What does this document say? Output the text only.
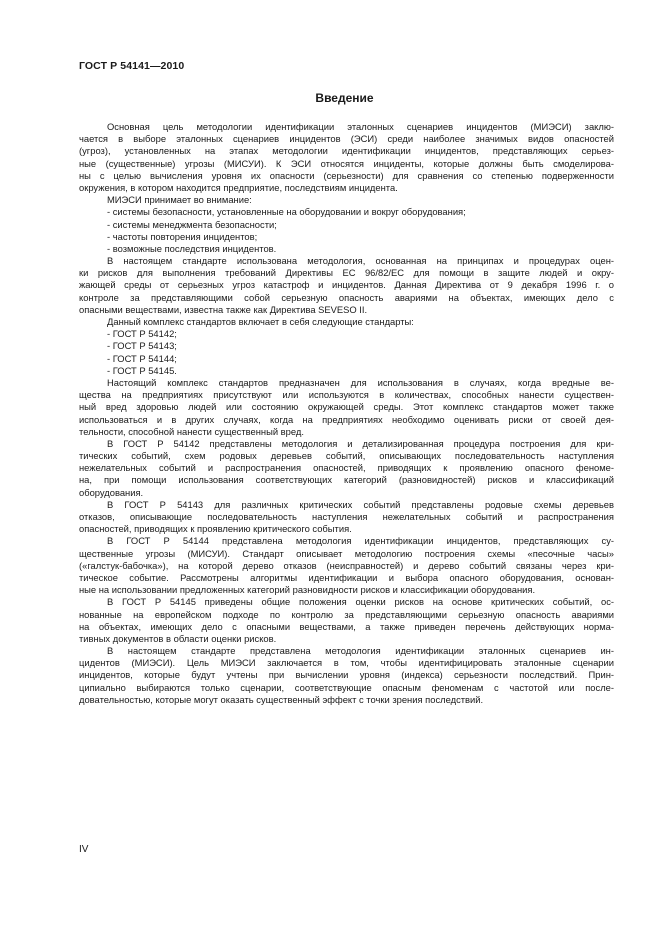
ГОСТ Р 54141—2010
Введение
Основная цель методологии идентификации эталонных сценариев инцидентов (МИЭСИ) заклю-
чается в выборе эталонных сценариев инцидентов (ЭСИ) среди наиболее значимых видов опасностей
(угроз), установленных на этапах методологии идентификации инцидентов, представляющих серьез-
ные (существенные) угрозы (МИСУИ). К ЭСИ относятся инциденты, которые должны быть смоделирова-
ны с целью вычисления уровня их опасности (серьезности) для сравнения со степенью подверженности
окружения, в котором находится предприятие, последствиям инцидента.
МИЭСИ принимает во внимание:
- системы безопасности, установленные на оборудовании и вокруг оборудования;
- системы менеджмента безопасности;
- частоты повторения инцидентов;
- возможные последствия инцидентов.
В настоящем стандарте использована методология, основанная на принципах и процедурах оцен-
ки рисков для выполнения требований Директивы ЕС 96/82/ЕС для помощи в защите людей и окру-
жающей среды от серьезных угроз катастроф и инцидентов. Данная Директива от 9 декабря 1996 г. о
контроле за представляющими собой серьезную опасность авариями на объектах, имеющих дело с
опасными веществами, известна также как Директива SEVESO II.
Данный комплекс стандартов включает в себя следующие стандарты:
- ГОСТ Р 54142;
- ГОСТ Р 54143;
- ГОСТ Р 54144;
- ГОСТ Р 54145.
Настоящий комплекс стандартов предназначен для использования в случаях, когда вредные ве-
щества на предприятиях присутствуют или используются в количествах, способных нанести существен-
ный вред здоровью людей или состоянию окружающей среды. Этот комплекс стандартов может также
использоваться и в других случаях, когда на предприятиях необходимо оценивать риски от своей дея-
тельности, способной нанести существенный вред.
В ГОСТ Р 54142 представлены методология и детализированная процедура построения для кри-
тических событий, схем родовых деревьев событий, описывающих последовательность наступления
нежелательных событий и распространения опасностей, приводящих к проявлению опасного феноме-
на, при помощи использования соответствующих категорий (разновидностей) рисков и классификаций
оборудования.
В ГОСТ Р 54143 для различных критических событий представлены родовые схемы деревьев
отказов, описывающие последовательность наступления нежелательных событий и распространения
опасностей, приводящих к проявлению критического события.
В ГОСТ Р 54144 представлена методология идентификации инцидентов, представляющих су-
щественные угрозы (МИСУИ). Стандарт описывает методологию построения схемы «песочные часы»
(«галстук-бабочка»), на которой дерево отказов (неисправностей) и дерево событий связаны через кри-
тическое событие. Рассмотрены алгоритмы идентификации и выбора опасного оборудования, основан-
ные на использовании предложенных категорий разновидности рисков и классификации оборудования.
В ГОСТ Р 54145 приведены общие положения оценки рисков на основе критических событий, ос-
нованные на европейском подходе по контролю за представляющими серьезную опасность авариями
на объектах, имеющих дело с опасными веществами, а также приведен перечень действующих норма-
тивных документов в области оценки рисков.
В настоящем стандарте представлена методология идентификации эталонных сценариев ин-
цидентов (МИЭСИ). Цель МИЭСИ заключается в том, чтобы идентифицировать эталонные сценарии
инцидентов, которые будут учтены при вычислении уровня (индекса) серьезности последствий. Прин-
ципиально выбираются только сценарии, соответствующие опасным феноменам с частотой или после-
довательностью, которые могут оказать существенный эффект с точки зрения последствий.
IV
